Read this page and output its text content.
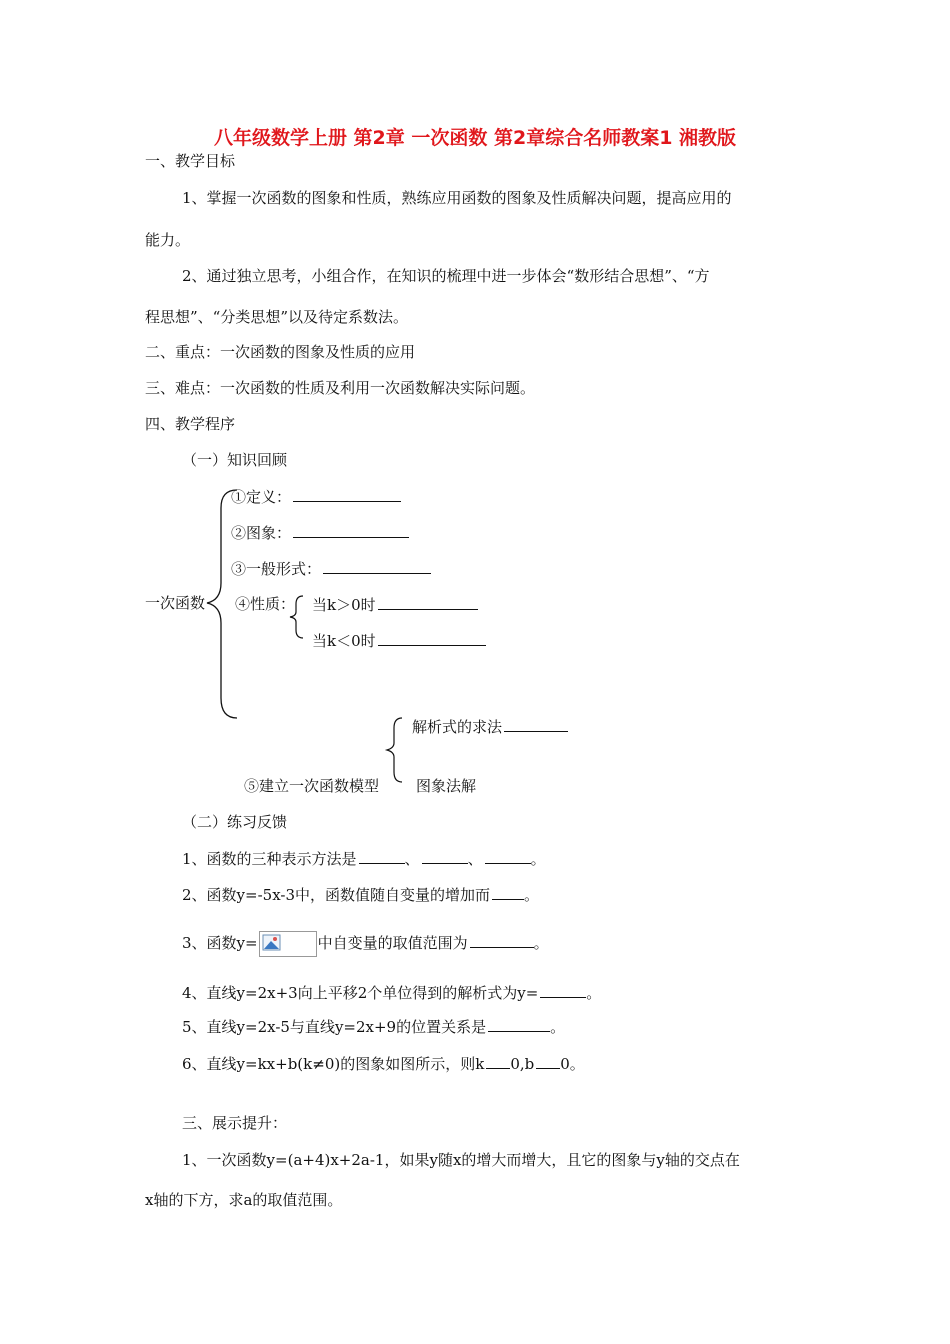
八年级数学上册 第2章 一次函数 第2章综合名师教案1 湘教版
一、教学目标
1、掌握一次函数的图象和性质，熟练应用函数的图象及性质解决问题，提高应用的
能力。
2、通过独立思考，小组合作，在知识的梳理中进一步体会“数形结合思想”、“方
程思想”、“分类思想”以及待定系数法。
二、重点：一次函数的图象及性质的应用
三、难点：一次函数的性质及利用一次函数解决实际问题。
四、教学程序
（一）知识回顾
一次函数
①定义：
②图象：
③一般形式：
④性质： 当k＞0时
当k＜0时
解析式的求法
⑤建立一次函数模型 图象法解
（二）练习反馈
1、函数的三种表示方法是	、	、	。
2、函数y=-5x-3中，函数值随自变量的增加而 。
3、函数y=	中自变量的取值范围为	。
4、直线y=2x+3向上平移2个单位得到的解析式为y=	。
5、直线y=2x-5与直线y=2x+9的位置关系是	。
6、直线y=kx+b(k≠0)的图象如图所示，则k 0,b 0。
三、展示提升：
1、一次函数y=(a+4)x+2a-1，如果y随x的增大而增大，且它的图象与y轴的交点在
x轴的下方，求a的取值范围。
